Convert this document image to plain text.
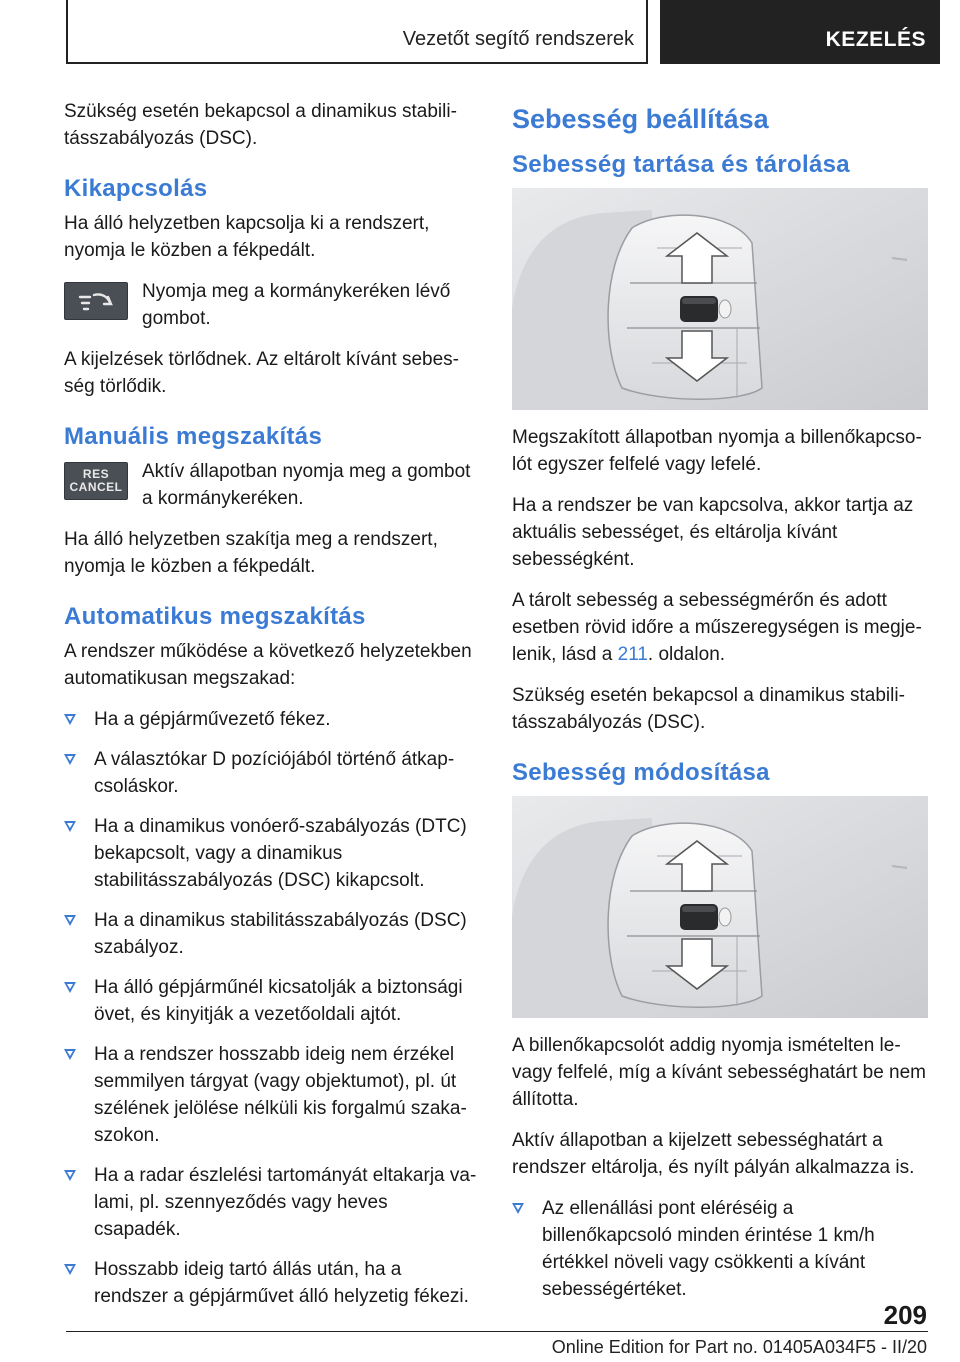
Vezetőt segítő rendszerek	KEZELÉS

Szükség esetén bekapcsol a dinamikus stabilitásszabályozás (DSC).

Kikapcsolás

Ha álló helyzetben kapcsolja ki a rendszert, nyomja le közben a fékpedált.

Nyomja meg a kormánykeréken lévő gombot.

A kijelzések törlődnek. Az eltárolt kívánt sebesség törlődik.

Manuális megszakítás
RES
CANCEL

Aktív állapotban nyomja meg a gombot a kormánykeréken.

Ha álló helyzetben szakítja meg a rendszert, nyomja le közben a fékpedált.

Automatikus megszakítás

A rendszer működése a következő helyzetekben automatikusan megszakad:

Ha a gépjárművezető fékez.
A választókar D pozíciójából történő átkapcsoláskor.
Ha a dinamikus vonóerő-szabályozás (DTC) bekapcsolt, vagy a dinamikus stabilitásszabályozás (DSC) kikapcsolt.
Ha a dinamikus stabilitásszabályozás (DSC) szabályoz.
Ha álló gépjárműnél kicsatolják a biztonsági övet, és kinyitják a vezetőoldali ajtót.
Ha a rendszer hosszabb ideig nem érzékel semmilyen tárgyat (vagy objektumot), pl. út szélének jelölése nélküli kis forgalmú szakaszokon.
Ha a radar észlelési tartományát eltakarja valami, pl. szennyeződés vagy heves csapadék.
Hosszabb ideig tartó állás után, ha a rendszer a gépjárművet álló helyzetig fékezi.
Sebesség beállítása
Sebesség tartása és tárolása

Megszakított állapotban nyomja a billenőkapcsolót egyszer felfelé vagy lefelé.

Ha a rendszer be van kapcsolva, akkor tartja az aktuális sebességet, és eltárolja kívánt sebességként.

A tárolt sebesség a sebességmérőn és adott esetben rövid időre a műszeregységen is megjelenik, lásd a 211. oldalon.

Szükség esetén bekapcsol a dinamikus stabilitásszabályozás (DSC).

Sebesség módosítása

A billenőkapcsolót addig nyomja ismételten le- vagy felfelé, míg a kívánt sebességhatárt be nem állította.

Aktív állapotban a kijelzett sebességhatárt a rendszer eltárolja, és nyílt pályán alkalmazza is.

Az ellenállási pont eléréséig a billenőkapcsoló minden érintése 1 km/h értékkel növeli vagy csökkenti a kívánt sebességértéket.
209
Online Edition for Part no. 01405A034F5 - II/20
